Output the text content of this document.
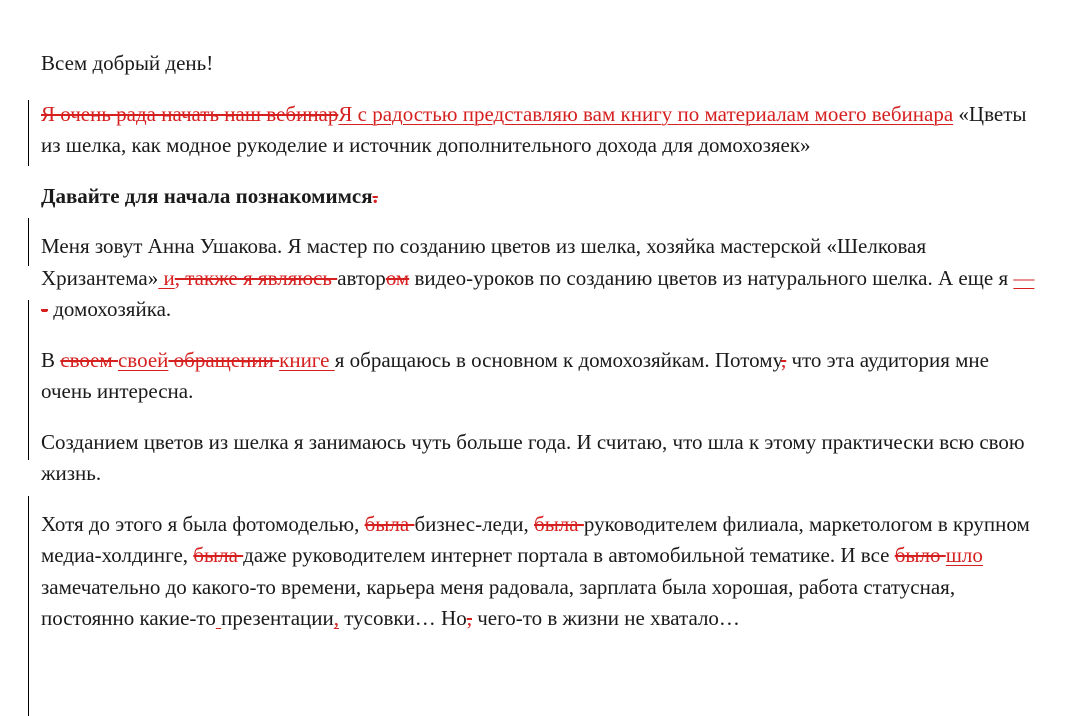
Всем добрый день!

Я очень рада начать наш вебинарЯ с радостью представляю вам книгу по материалам моего вебинара «Цветы из шелка, как модное рукоделие и источник дополнительного дохода для домохозяек»

Давайте для начала познакомимся.

Меня зовут Анна Ушакова. Я мастер по созданию цветов из шелка, хозяйка мастерской «Шелковая Хризантема» и, также я являюсь автором видео-уроков по созданию цветов из натурального шелка. А еще я — - домохозяйка.

В своем своей обращении книге я обращаюсь в основном к домохозяйкам. Потому, что эта аудитория мне очень интересна.

Созданием цветов из шелка я занимаюсь чуть больше года. И считаю, что шла к этому практически всю свою жизнь.

Хотя до этого я была фотомоделью, была бизнес-леди, была руководителем филиала, маркетологом в крупном медиа-холдинге, была даже руководителем интернет портала в автомобильной тематике. И все было шло замечательно до какого-то времени, карьера меня радовала, зарплата была хорошая, работа статусная, постоянно какие-то презентации, тусовки… Но, чего-то в жизни не хватало…
